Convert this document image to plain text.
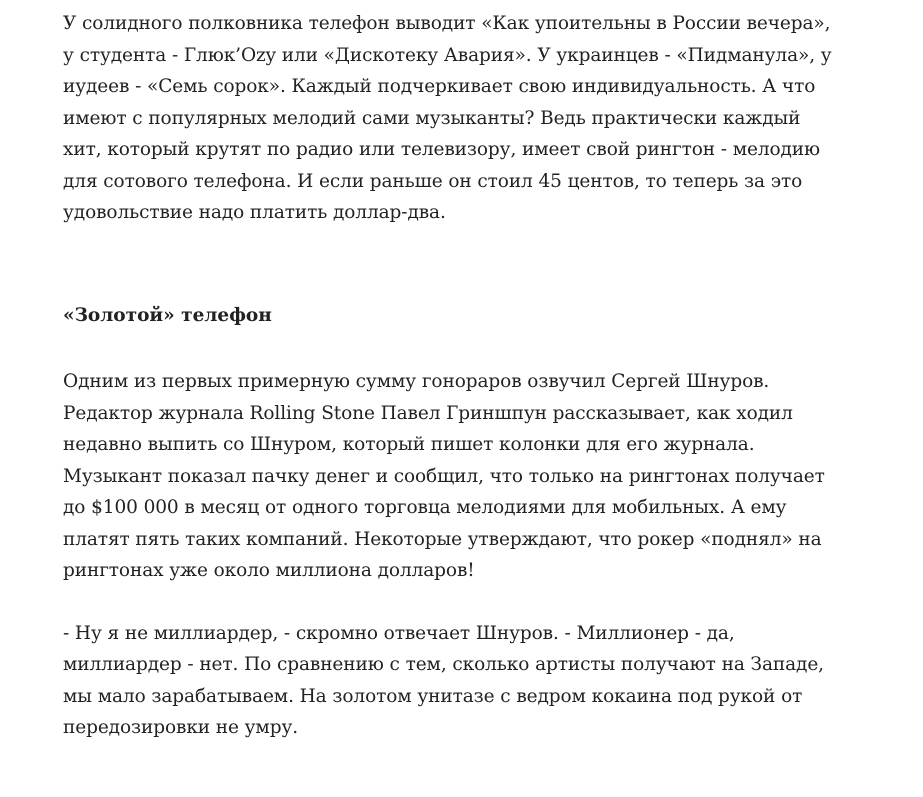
У солидного полковника телефон выводит «Как упоительны в России вечера»,
у студента - Глюк’Ozy или «Дискотеку Авария». У украинцев - «Пидманула», у
иудеев - «Семь сорок». Каждый подчеркивает свою индивидуальность. А что
имеют с популярных мелодий сами музыканты? Ведь практически каждый
хит, который крутят по радио или телевизору, имеет свой рингтон - мелодию
для сотового телефона. И если раньше он стоил 45 центов, то теперь за это
удовольствие надо платить доллар-два.

«Золотой» телефон

Одним из первых примерную сумму гонораров озвучил Сергей Шнуров.
Редактор журнала Rolling Stone Павел Гриншпун рассказывает, как ходил
недавно выпить со Шнуром, который пишет колонки для его журнала.
Музыкант показал пачку денег и сообщил, что только на рингтонах получает
до $100 000 в месяц от одного торговца мелодиями для мобильных. А ему
платят пять таких компаний. Некоторые утверждают, что рокер «поднял» на
рингтонах уже около миллиона долларов!

- Ну я не миллиардер, - скромно отвечает Шнуров. - Миллионер - да,
миллиардер - нет. По сравнению с тем, сколько артисты получают на Западе,
мы мало зарабатываем. На золотом унитазе с ведром кокаина под рукой от
передозировки не умру.
